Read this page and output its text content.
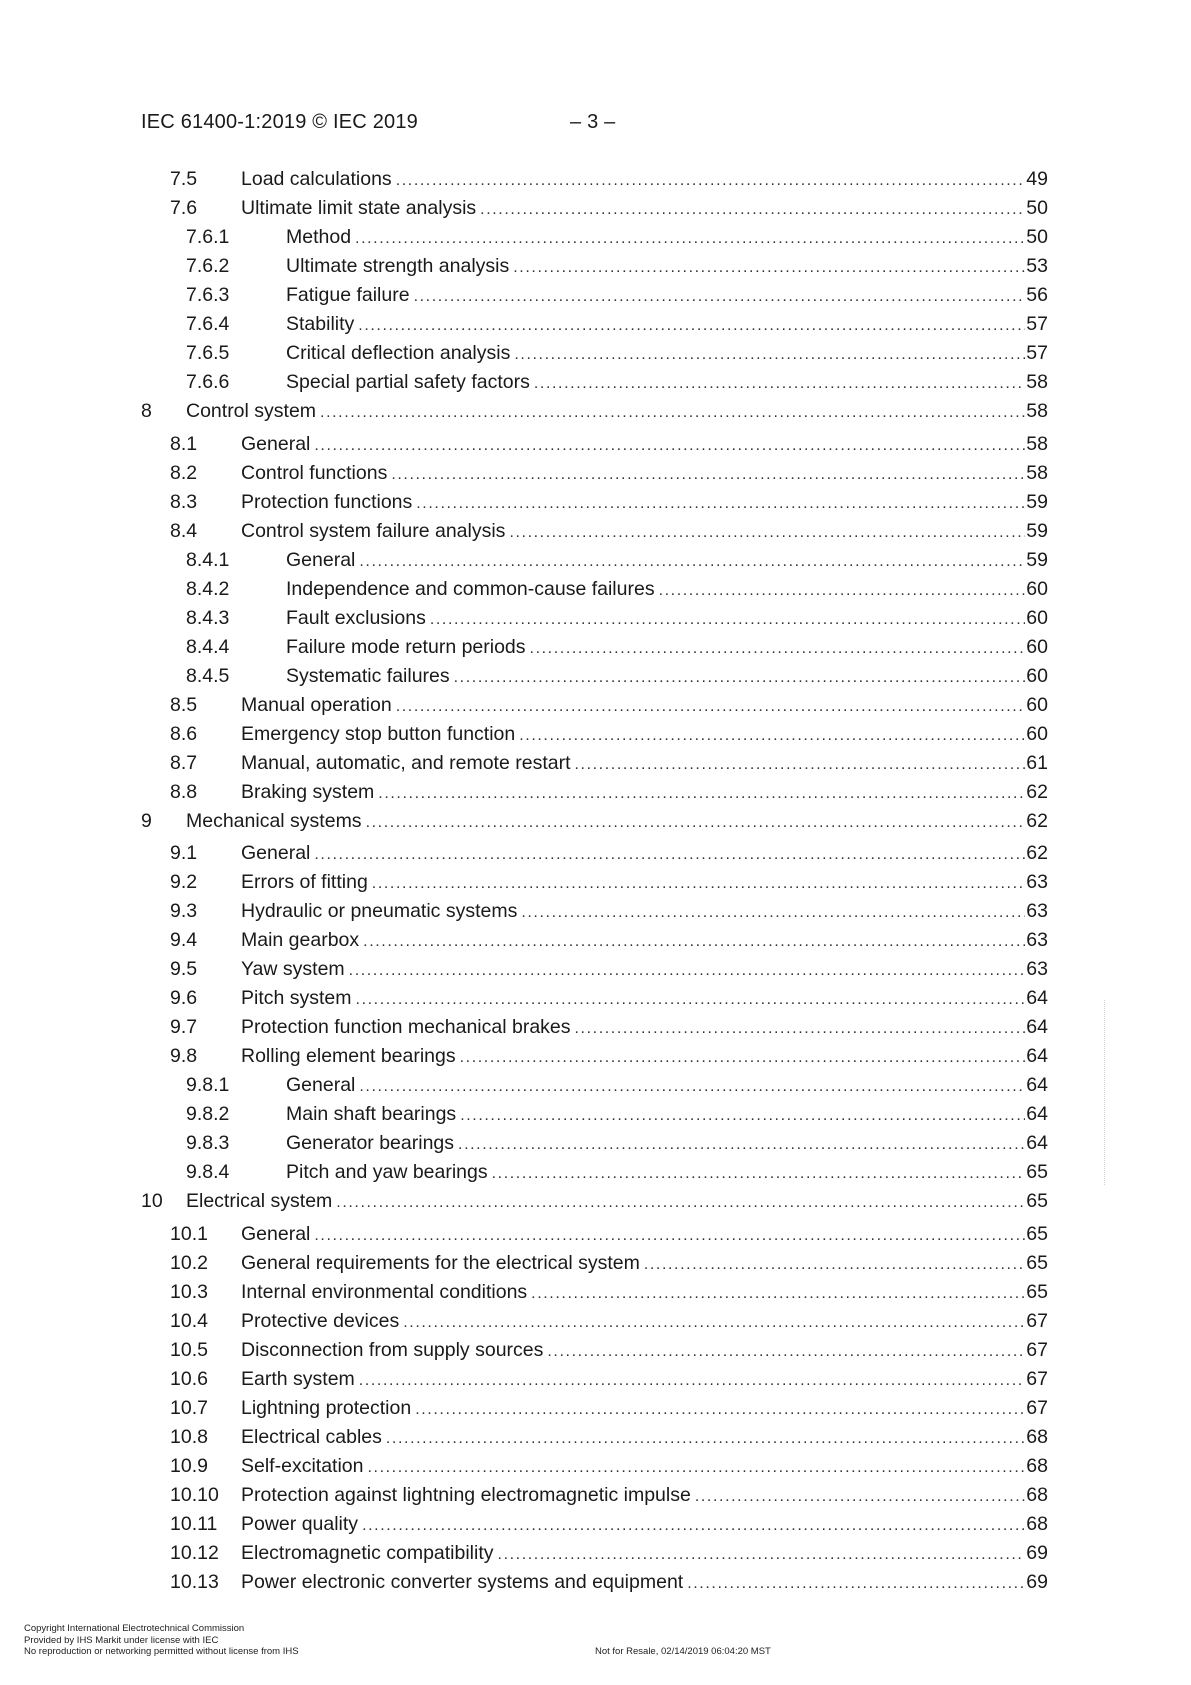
IEC 61400-1:2019 © IEC 2019	– 3 –
7.5	Load calculations .....	49
7.6	Ultimate limit state analysis .....	50
7.6.1	Method .....	50
7.6.2	Ultimate strength analysis .....	53
7.6.3	Fatigue failure .....	56
7.6.4	Stability .....	57
7.6.5	Critical deflection analysis .....	57
7.6.6	Special partial safety factors .....	58
8	Control system .....	58
8.1	General .....	58
8.2	Control functions .....	58
8.3	Protection functions .....	59
8.4	Control system failure analysis .....	59
8.4.1	General .....	59
8.4.2	Independence and common-cause failures .....	60
8.4.3	Fault exclusions .....	60
8.4.4	Failure mode return periods .....	60
8.4.5	Systematic failures .....	60
8.5	Manual operation .....	60
8.6	Emergency stop button function .....	60
8.7	Manual, automatic, and remote restart .....	61
8.8	Braking system .....	62
9	Mechanical systems .....	62
9.1	General .....	62
9.2	Errors of fitting .....	63
9.3	Hydraulic or pneumatic systems .....	63
9.4	Main gearbox .....	63
9.5	Yaw system .....	63
9.6	Pitch system .....	64
9.7	Protection function mechanical brakes .....	64
9.8	Rolling element bearings .....	64
9.8.1	General .....	64
9.8.2	Main shaft bearings .....	64
9.8.3	Generator bearings .....	64
9.8.4	Pitch and yaw bearings .....	65
10	Electrical system .....	65
10.1	General .....	65
10.2	General requirements for the electrical system .....	65
10.3	Internal environmental conditions .....	65
10.4	Protective devices .....	67
10.5	Disconnection from supply sources .....	67
10.6	Earth system .....	67
10.7	Lightning protection .....	67
10.8	Electrical cables .....	68
10.9	Self-excitation .....	68
10.10	Protection against lightning electromagnetic impulse .....	68
10.11	Power quality .....	68
10.12	Electromagnetic compatibility .....	69
10.13	Power electronic converter systems and equipment .....	69
Copyright International Electrotechnical Commission
Provided by IHS Markit under license with IEC
No reproduction or networking permitted without license from IHS	Not for Resale, 02/14/2019 06:04:20 MST
